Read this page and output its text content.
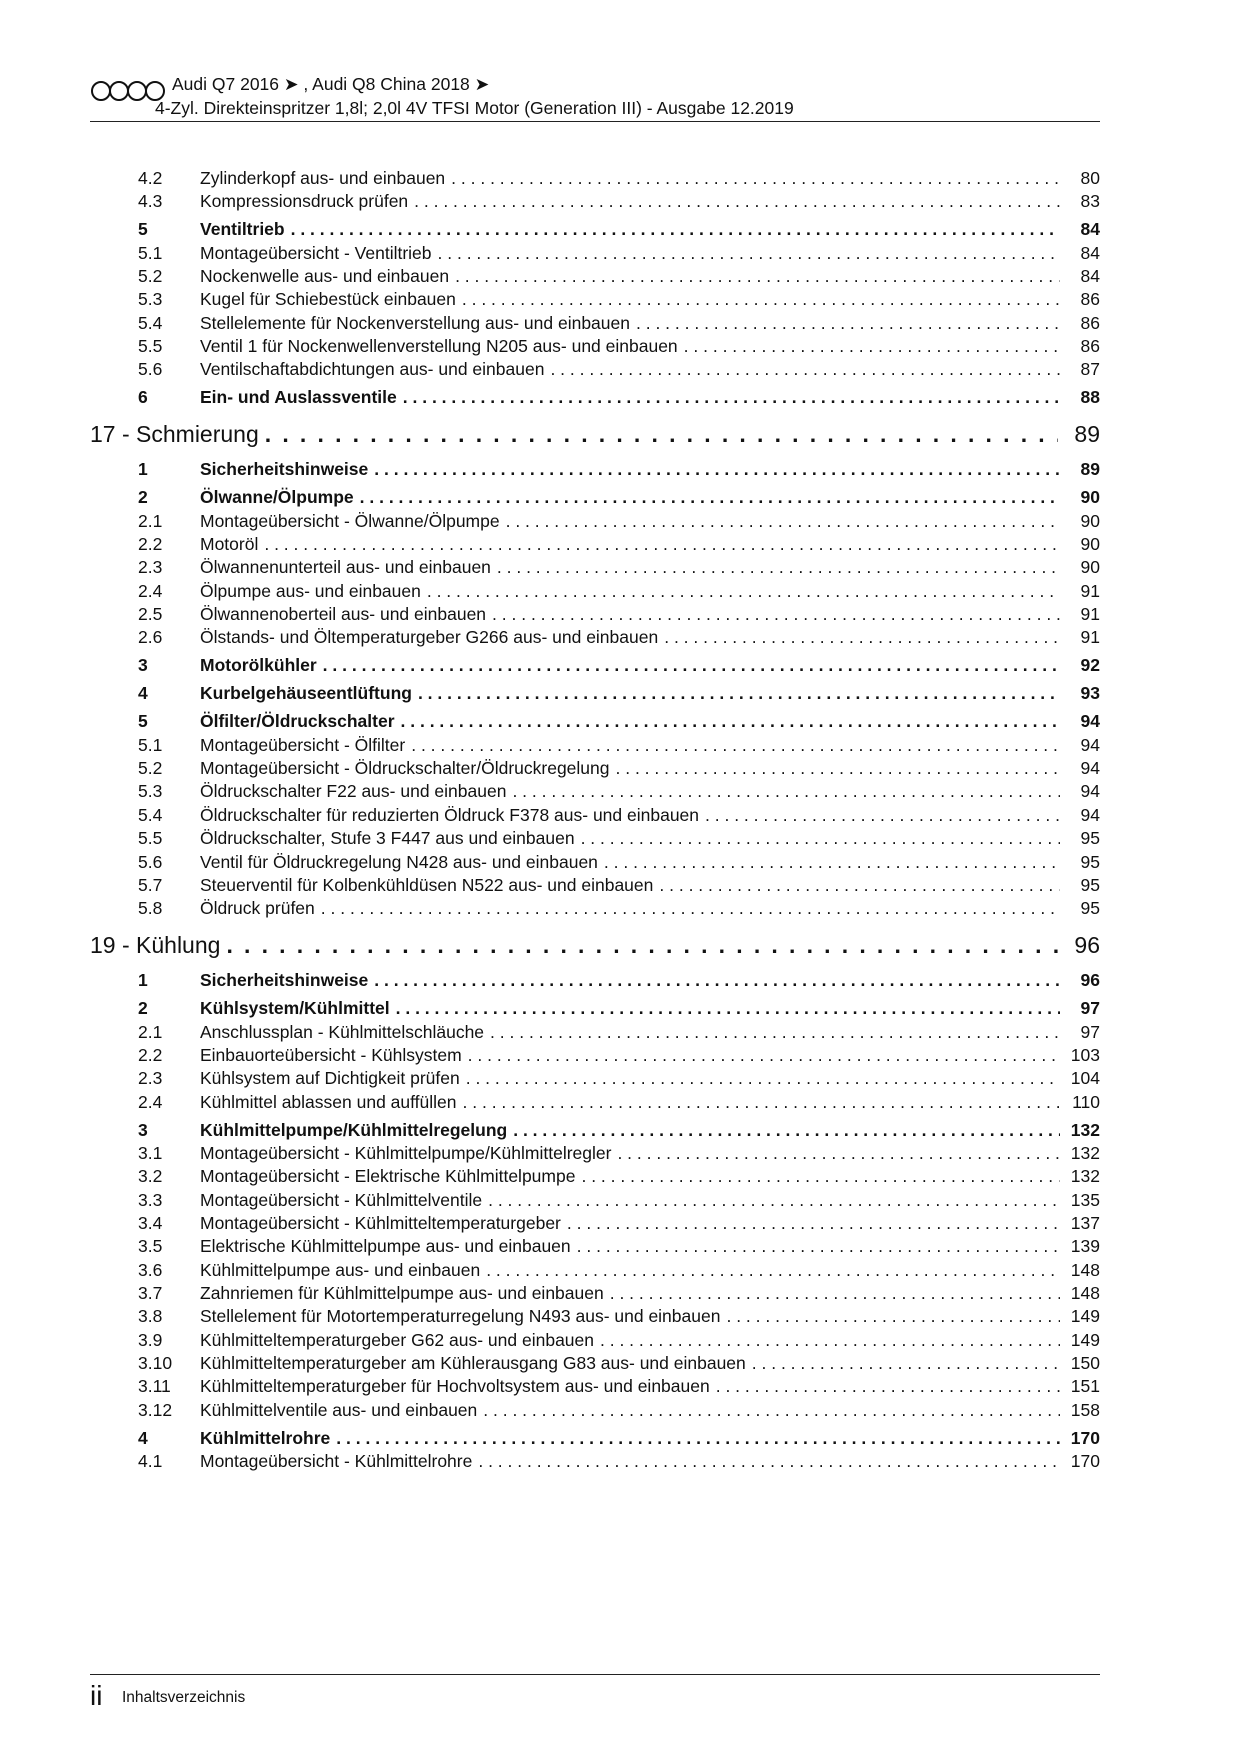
Audi Q7 2016 ➤ , Audi Q8 China 2018 ➤
4-Zyl. Direkteinspritzer 1,8l; 2,0l 4V TFSI Motor (Generation III) - Ausgabe 12.2019
4.2	Zylinderkopf aus- und einbauen . . .	80
4.3	Kompressionsdruck prüfen . . .	83
5	Ventiltrieb . . .	84
5.1	Montageübersicht - Ventiltrieb . . .	84
5.2	Nockenwelle aus- und einbauen . . .	84
5.3	Kugel für Schiebestück einbauen . . .	86
5.4	Stellelemente für Nockenverstellung aus- und einbauen . . .	86
5.5	Ventil 1 für Nockenwellenverstellung N205 aus- und einbauen . . .	86
5.6	Ventilschaftabdichtungen aus- und einbauen . . .	87
6	Ein- und Auslassventile . . .	88
17 - Schmierung . . .	89
1	Sicherheitshinweise . . .	89
2	Ölwanne/Ölpumpe . . .	90
2.1	Montageübersicht - Ölwanne/Ölpumpe . . .	90
2.2	Motoröl . . .	90
2.3	Ölwannenunterteil aus- und einbauen . . .	90
2.4	Ölpumpe aus- und einbauen . . .	91
2.5	Ölwannenoberteil aus- und einbauen . . .	91
2.6	Ölstands- und Öltemperaturgeber G266 aus- und einbauen . . .	91
3	Motorölkühler . . .	92
4	Kurbelgehäuseentlüftung . . .	93
5	Ölfilter/Öldruckschalter . . .	94
5.1	Montageübersicht - Ölfilter . . .	94
5.2	Montageübersicht - Öldruckschalter/Öldruckregelung . . .	94
5.3	Öldruckschalter F22 aus- und einbauen . . .	94
5.4	Öldruckschalter für reduzierten Öldruck F378 aus- und einbauen . . .	94
5.5	Öldruckschalter, Stufe 3 F447 aus und einbauen . . .	95
5.6	Ventil für Öldruckregelung N428 aus- und einbauen . . .	95
5.7	Steuerventil für Kolbenkühldüsen N522 aus- und einbauen . . .	95
5.8	Öldruck prüfen . . .	95
19 - Kühlung . . .	96
1	Sicherheitshinweise . . .	96
2	Kühlsystem/Kühlmittel . . .	97
2.1	Anschlussplan - Kühlmittelschläuche . . .	97
2.2	Einbauorteübersicht - Kühlsystem . . .	103
2.3	Kühlsystem auf Dichtigkeit prüfen . . .	104
2.4	Kühlmittel ablassen und auffüllen . . .	110
3	Kühlmittelpumpe/Kühlmittelregelung . . .	132
3.1	Montageübersicht - Kühlmittelpumpe/Kühlmittelregler . . .	132
3.2	Montageübersicht - Elektrische Kühlmittelpumpe . . .	132
3.3	Montageübersicht - Kühlmittelventile . . .	135
3.4	Montageübersicht - Kühlmitteltemperaturgeber . . .	137
3.5	Elektrische Kühlmittelpumpe aus- und einbauen . . .	139
3.6	Kühlmittelpumpe aus- und einbauen . . .	148
3.7	Zahnriemen für Kühlmittelpumpe aus- und einbauen . . .	148
3.8	Stellelement für Motortemperaturregelung N493 aus- und einbauen . . .	149
3.9	Kühlmitteltemperaturgeber G62 aus- und einbauen . . .	149
3.10	Kühlmitteltemperaturgeber am Kühlerausgang G83 aus- und einbauen . . .	150
3.11	Kühlmitteltemperaturgeber für Hochvoltsystem aus- und einbauen . . .	151
3.12	Kühlmittelventile aus- und einbauen . . .	158
4	Kühlmittelrohre . . .	170
4.1	Montageübersicht - Kühlmittelrohre . . .	170
ii Inhaltsverzeichnis
